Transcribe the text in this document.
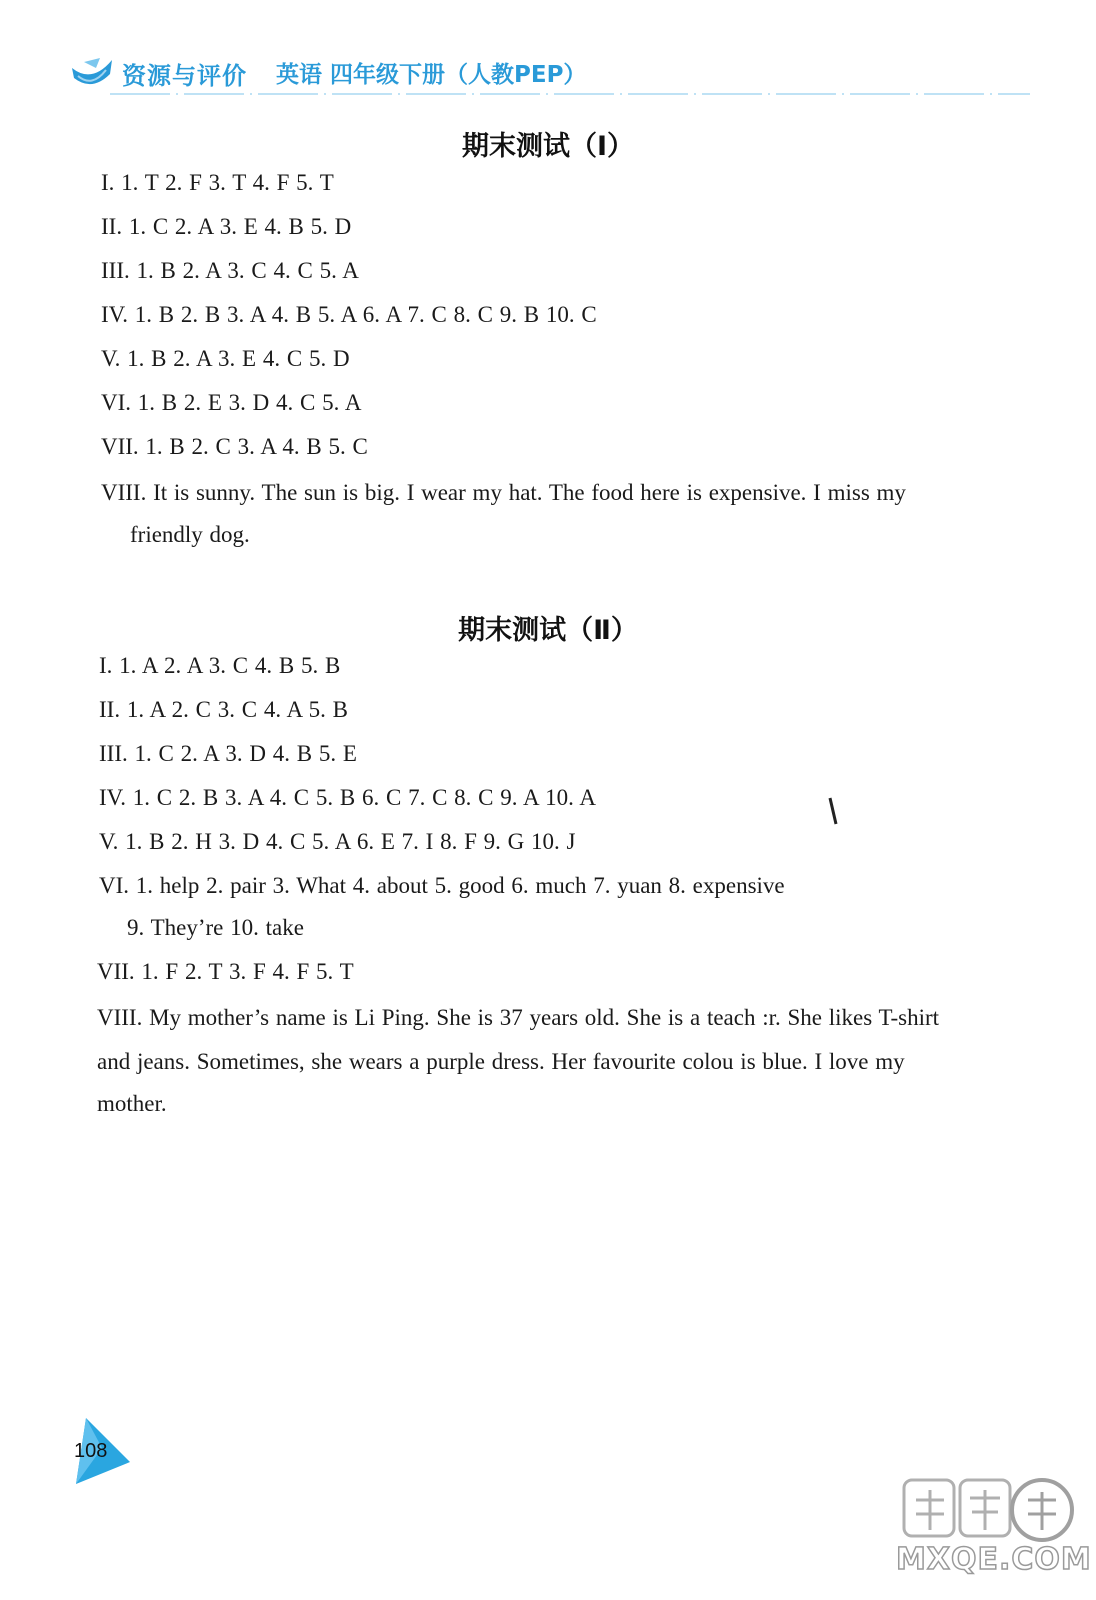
资源与评价 英语 四年级下册（人教PEP）
期末测试（Ⅰ）
I. 1. T 2. F 3. T 4. F 5. T
II. 1. C 2. A 3. E 4. B 5. D
III. 1. B 2. A 3. C 4. C 5. A
IV. 1. B 2. B 3. A 4. B 5. A 6. A 7. C 8. C 9. B 10. C
V. 1. B 2. A 3. E 4. C 5. D
VI. 1. B 2. E 3. D 4. C 5. A
VII. 1. B 2. C 3. A 4. B 5. C
VIII. It is sunny. The sun is big. I wear my hat. The food here is expensive. I miss my
friendly dog.
期末测试（Ⅱ）
I. 1. A 2. A 3. C 4. B 5. B
II. 1. A 2. C 3. C 4. A 5. B
III. 1. C 2. A 3. D 4. B 5. E
IV. 1. C 2. B 3. A 4. C 5. B 6. C 7. C 8. C 9. A 10. A
V. 1. B 2. H 3. D 4. C 5. A 6. E 7. I 8. F 9. G 10. J
VI. 1. help 2. pair 3. What 4. about 5. good 6. much 7. yuan 8. expensive
9. They’re 10. take
VII. 1. F 2. T 3. F 4. F 5. T
VIII. My mother’s name is Li Ping. She is 37 years old. She is a teach :r. She likes T-shirt
and jeans. Sometimes, she wears a purple dress. Her favourite colou is blue. I love my
mother.
108
MXQE.COM
